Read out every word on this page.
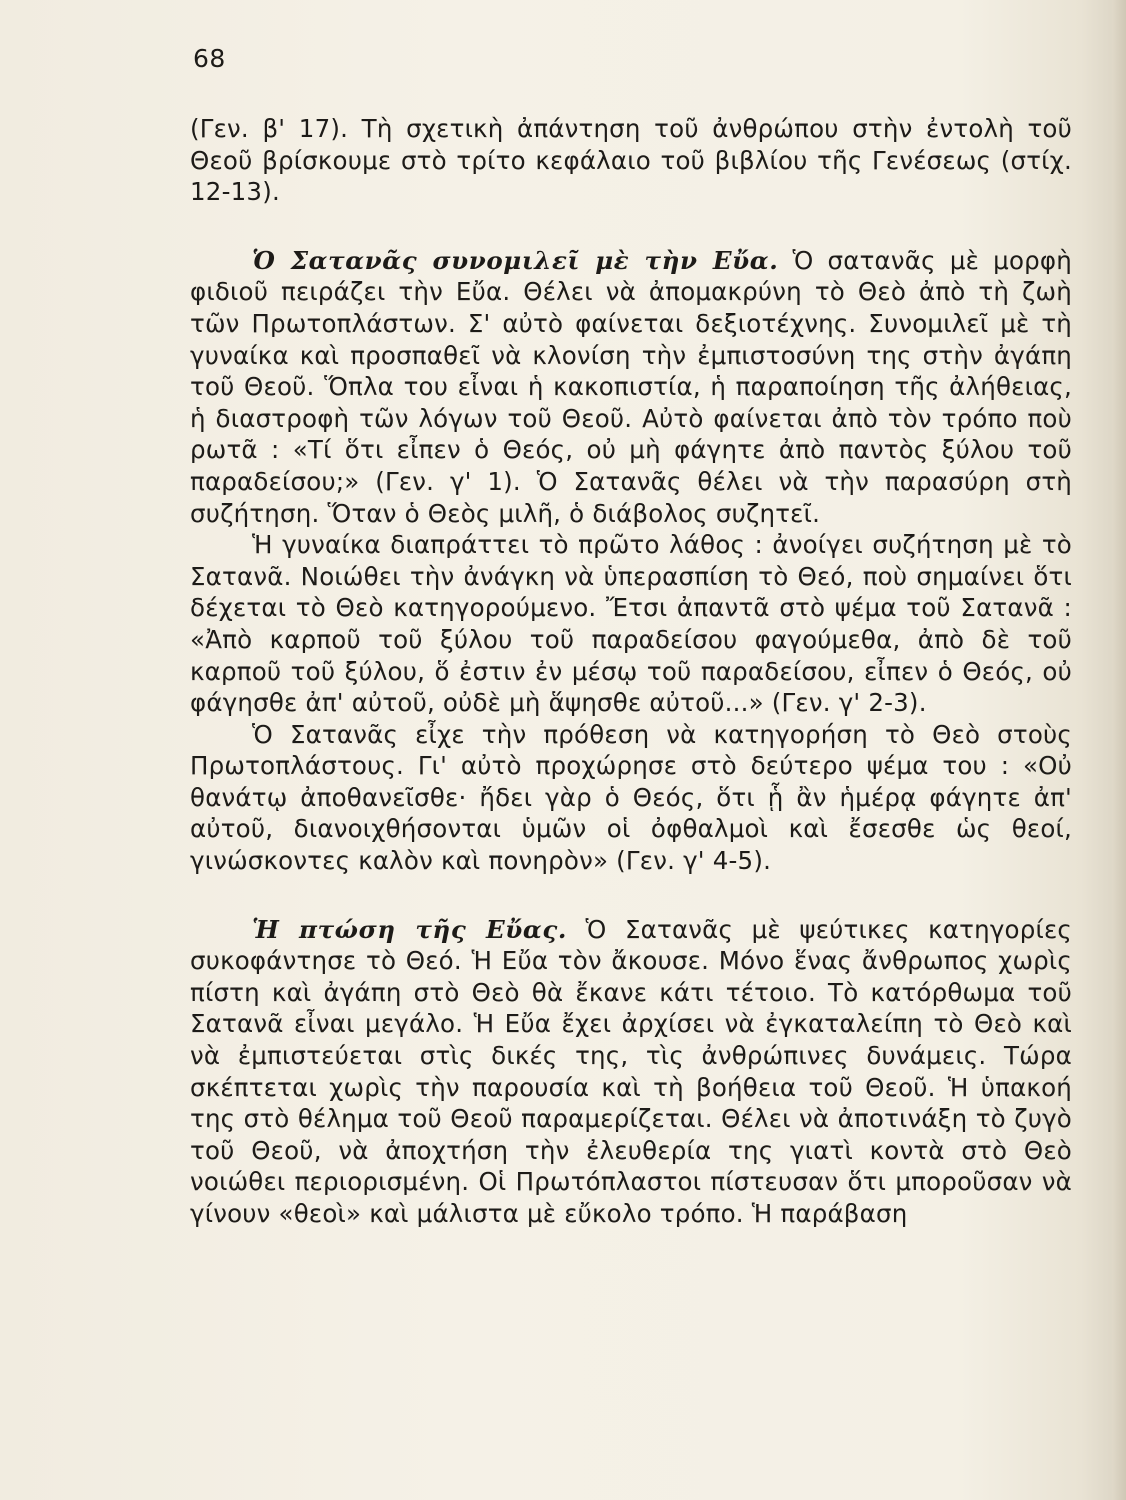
68

(Γεν. β' 17). Τὴ σχετικὴ ἀπάντηση τοῦ ἀνθρώπου στὴν ἐντολὴ τοῦ Θεοῦ βρίσκουμε στὸ τρίτο κεφάλαιο τοῦ βιβλίου τῆς Γενέσεως (στίχ. 12-13).

Ὁ Σατανᾶς συνομιλεῖ μὲ τὴν Εὔα. Ὁ σατανᾶς μὲ μορφὴ φιδιοῦ πειράζει τὴν Εὔα. Θέλει νὰ ἀπομακρύνη τὸ Θεὸ ἀπὸ τὴ ζωὴ τῶν Πρωτοπλάστων. Σ' αὐτὸ φαίνεται δεξιοτέχνης. Συνομιλεῖ μὲ τὴ γυναίκα καὶ προσπαθεῖ νὰ κλονίση τὴν ἐμπιστοσύνη της στὴν ἀγάπη τοῦ Θεοῦ. Ὅπλα του εἶναι ἡ κακοπιστία, ἡ παραποίηση τῆς ἀλήθειας, ἡ διαστροφὴ τῶν λόγων τοῦ Θεοῦ. Αὐτὸ φαίνεται ἀπὸ τὸν τρόπο ποὺ ρωτᾶ : «Τί ὅτι εἶπεν ὁ Θεός, οὐ μὴ φάγητε ἀπὸ παντὸς ξύλου τοῦ παραδείσου;» (Γεν. γ' 1). Ὁ Σατανᾶς θέλει νὰ τὴν παρασύρη στὴ συζήτηση. Ὅταν ὁ Θεὸς μιλῆ, ὁ διάβολος συζητεῖ.

Ἡ γυναίκα διαπράττει τὸ πρῶτο λάθος : ἀνοίγει συζήτηση μὲ τὸ Σατανᾶ. Νοιώθει τὴν ἀνάγκη νὰ ὑπερασπίση τὸ Θεό, ποὺ σημαίνει ὅτι δέχεται τὸ Θεὸ κατηγορούμενο. Ἔτσι ἀπαντᾶ στὸ ψέμα τοῦ Σατανᾶ : «Ἀπὸ καρποῦ τοῦ ξύλου τοῦ παραδείσου φαγούμεθα, ἀπὸ δὲ τοῦ καρποῦ τοῦ ξύλου, ὅ ἐστιν ἐν μέσῳ τοῦ παραδείσου, εἶπεν ὁ Θεός, οὐ φάγησθε ἀπ' αὐτοῦ, οὐδὲ μὴ ἅψησθε αὐτοῦ...» (Γεν. γ' 2-3).

Ὁ Σατανᾶς εἶχε τὴν πρόθεση νὰ κατηγορήση τὸ Θεὸ στοὺς Πρωτοπλάστους. Γι' αὐτὸ προχώρησε στὸ δεύτερο ψέμα του : «Οὐ θανάτῳ ἀποθανεῖσθε· ἤδει γὰρ ὁ Θεός, ὅτι ᾗ ἂν ἡμέρᾳ φάγητε ἀπ' αὐτοῦ, διανοιχθήσονται ὑμῶν οἱ ὀφθαλμοὶ καὶ ἔσεσθε ὡς θεοί, γινώσκοντες καλὸν καὶ πονηρὸν» (Γεν. γ' 4-5).

Ἡ πτώση τῆς Εὔας. Ὁ Σατανᾶς μὲ ψεύτικες κατηγορίες συκοφάντησε τὸ Θεό. Ἡ Εὔα τὸν ἄκουσε. Μόνο ἕνας ἄνθρωπος χωρὶς πίστη καὶ ἀγάπη στὸ Θεὸ θὰ ἔκανε κάτι τέτοιο. Τὸ κατόρθωμα τοῦ Σατανᾶ εἶναι μεγάλο. Ἡ Εὔα ἔχει ἀρχίσει νὰ ἐγκαταλείπη τὸ Θεὸ καὶ νὰ ἐμπιστεύεται στὶς δικές της, τὶς ἀνθρώπινες δυνάμεις. Τώρα σκέπτεται χωρὶς τὴν παρουσία καὶ τὴ βοήθεια τοῦ Θεοῦ. Ἡ ὑπακοή της στὸ θέλημα τοῦ Θεοῦ παραμερίζεται. Θέλει νὰ ἀποτινάξη τὸ ζυγὸ τοῦ Θεοῦ, νὰ ἀποχτήση τὴν ἐλευθερία της γιατὶ κοντὰ στὸ Θεὸ νοιώθει περιορισμένη. Οἱ Πρωτόπλαστοι πίστευσαν ὅτι μποροῦσαν νὰ γίνουν «θεοὶ» καὶ μάλιστα μὲ εὔκολο τρόπο. Ἡ παράβαση
